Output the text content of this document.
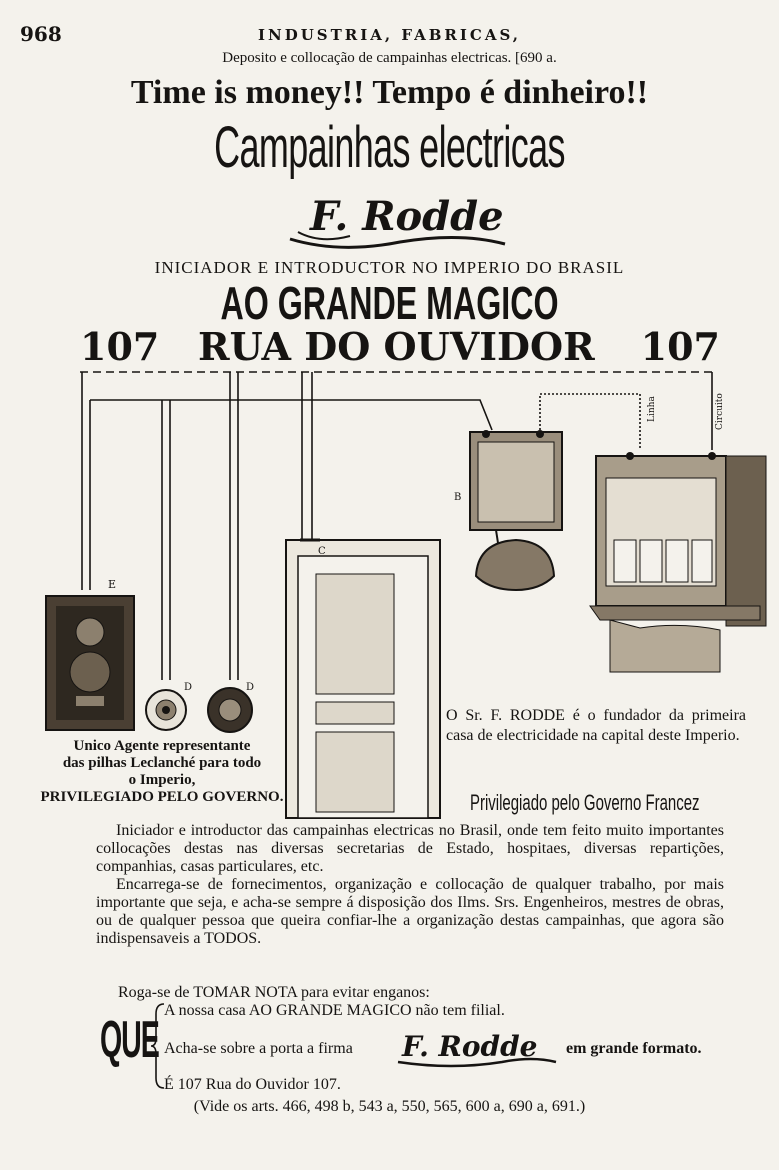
968	INDUSTRIA, FABRICAS,
Deposito e collocação de campainhas electricas. [690 a.
Time is money!! Tempo é dinheiro!!
Campainhas electricas
F. Rodde
INICIADOR E INTRODUCTOR NO IMPERIO DO BRASIL
AO GRANDE MAGICO
107 RUA DO OUVIDOR 107
E
D	D
C
B
Linha	Circuito
Unico Agente representante
das pilhas Leclanché para todo
o Imperio,
PRIVILEGIADO PELO GOVERNO.
O Sr. F. RODDE é o fundador da primeira casa de electricidade na capital deste Imperio.
Privilegiado pelo Governo Francez

Iniciador e introductor das campainhas electricas no Brasil, onde tem feito muito importantes collocações destas nas diversas secretarias de Estado, hospitaes, diversas repartições, companhias, casas particulares, etc.

Encarrega-se de fornecimentos, organização e collocação de qualquer trabalho, por mais importante que seja, e acha-se sempre á disposição dos Ilms. Srs. Engenheiros, mestres de obras, ou de qualquer pessoa que queira confiar-lhe a organização destas campainhas, que agora são indispensaveis a TODOS.

Roga-se de TOMAR NOTA para evitar enganos:
QUE
A nossa casa AO GRANDE MAGICO não tem filial.
Acha-se sobre a porta a firma F. Rodde em grande formato.
É 107 Rua do Ouvidor 107.
(Vide os arts. 466, 498 b, 543 a, 550, 565, 600 a, 690 a, 691.)
